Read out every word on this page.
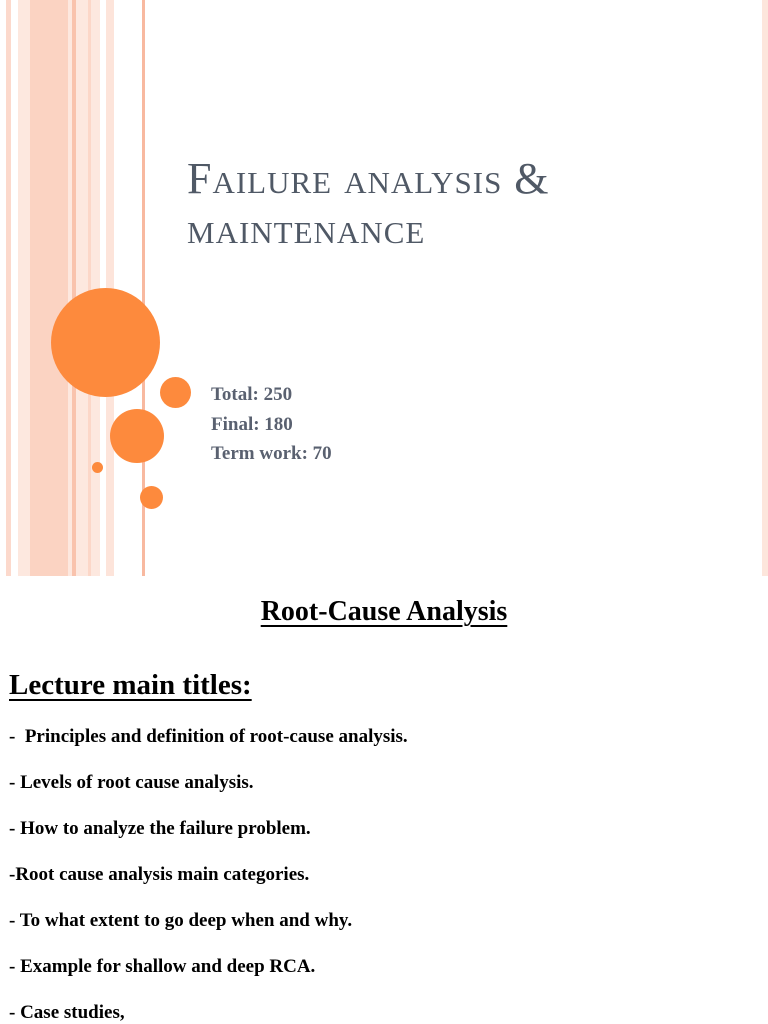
Failure analysis &
maintenance
Total: 250
Final: 180
Term work: 70
Root-Cause Analysis
Lecture main titles:
-  Principles and definition of root-cause analysis.
- Levels of root cause analysis.
- How to analyze the failure problem.
-Root cause analysis main categories.
- To what extent to go deep when and why.
- Example for shallow and deep RCA.
- Case studies,
